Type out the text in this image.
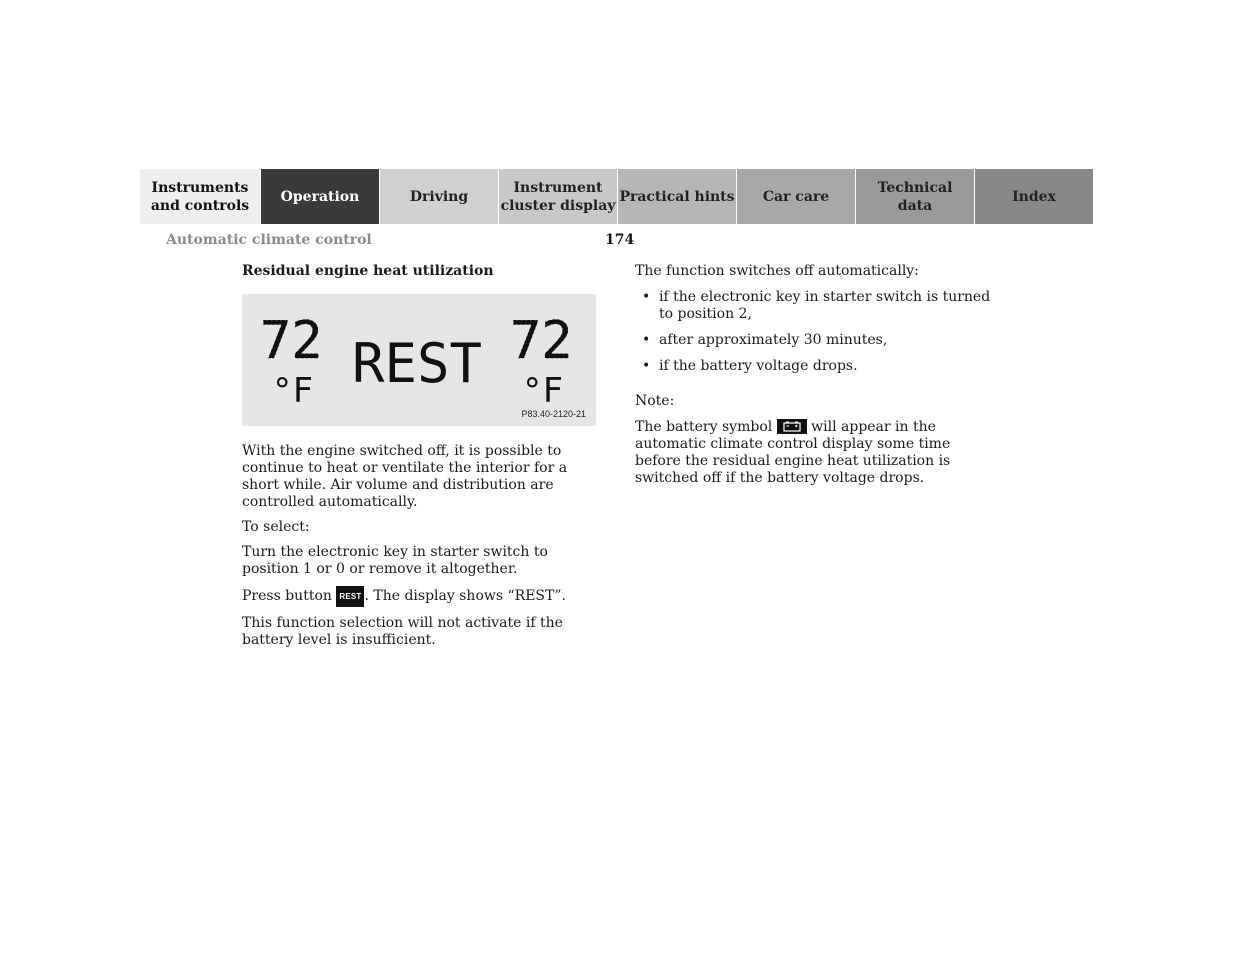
Instruments
and controls
Operation	Driving
Instrument
cluster display
Practical hints Car care
Technical
data
Index
Automatic climate control	174
Residual engine heat utilization
72
°F REST 72
°F
P83.40-2120-21

With the engine switched off, it is possible to continue to heat or ventilate the interior for a short while. Air volume and distribution are controlled automatically.

To select:

Turn the electronic key in starter switch to position 1 or 0 or remove it altogether.

Press button REST . The display shows “REST”.

This function selection will not activate if the battery level is insufficient.

The function switches off automatically:

• if the electronic key in starter switch is turned to position 2,
• after approximately 30 minutes,
• if the battery voltage drops.

Note:

The battery symbol  will appear in the automatic climate control display some time before the residual engine heat utilization is switched off if the battery voltage drops.
